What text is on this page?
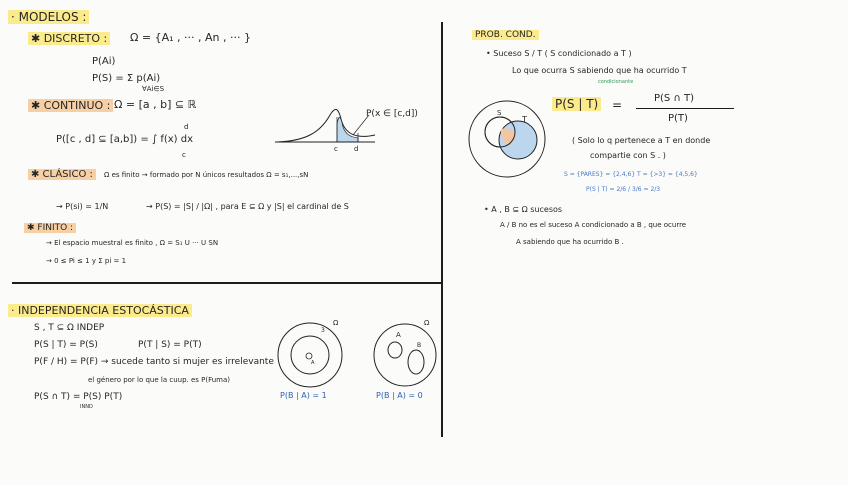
· MODELOS :
✱ DISCRETO : Ω = {A₁ , ··· , An , ··· }
P(Ai)
P(S) = Σ p(Ai)
∀Ai∈S
✱ CONTINUO : Ω = [a , b] ⊆ ℝ
P([c , d] ⊆ [a,b]) = ∫ f(x) dx
d
c
c d
P(x ∈ [c,d])
✱ CLÁSICO :	Ω es finito → formado por N únicos resultados Ω = s₁,...,sN
→ P(si) = 1/N	→ P(S) = |S| / |Ω| , para E ⊆ Ω y |S| el cardinal de S
✱ FINITO :
→ El espacio muestral es finito , Ω = S₁ U ··· U SN
→ 0 ≤ Pi ≤ 1 y Σ pi = 1
· INDEPENDENCIA ESTOCÁSTICA
S , T ⊆ Ω INDEP
P(S | T) = P(S)	P(T | S) = P(T)
P(F / H) = P(F) → sucede tanto si mujer es irrelevante
el género por lo que la cuup. es P(Fuma)
P(S ∩ T) = P(S) P(T)
INND
3
A
Ω
P(B | A) = 1
A
B
Ω
P(B | A) = 0
PROB. COND.
• Suceso S / T ( S condicionado a T )
Lo que ocurra S sabiendo que ha ocurrido T
condicionante
S
T
P(S | T) =	P(S ∩ T)
P(T)
( Solo lo q pertenece a T en donde
compartie con S . )
S = {PARES} = {2,4,6} T = {>3} = {4,5,6}
P(S | T) = 2/6 / 3/6 = 2/3
• A , B ⊆ Ω sucesos
A / B no es el suceso A condicionado a B , que ocurre
A sabiendo que ha ocurrido B .
